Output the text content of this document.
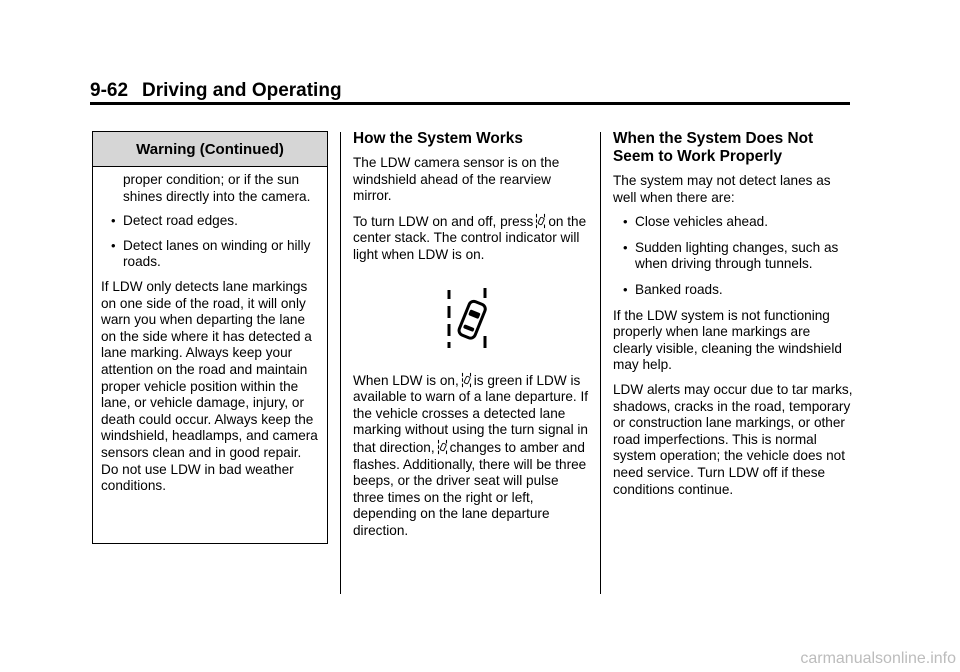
9-62 Driving and Operating
Warning (Continued)
proper condition; or if the sun shines directly into the camera.
• Detect road edges.
• Detect lanes on winding or hilly roads.

If LDW only detects lane markings on one side of the road, it will only warn you when departing the lane on the side where it has detected a lane marking. Always keep your attention on the road and maintain proper vehicle position within the lane, or vehicle damage, injury, or death could occur. Always keep the windshield, headlamps, and camera sensors clean and in good repair. Do not use LDW in bad weather conditions.

How the System Works

The LDW camera sensor is on the windshield ahead of the rearview mirror.

To turn LDW on and off, press on the center stack. The control indicator will light when LDW is on.

When LDW is on, is green if LDW is available to warn of a lane departure. If the vehicle crosses a detected lane marking without using the turn signal in that direction, changes to amber and flashes. Additionally, there will be three beeps, or the driver seat will pulse three times on the right or left, depending on the lane departure direction.

When the System Does Not Seem to Work Properly

The system may not detect lanes as well when there are:

• Close vehicles ahead.
• Sudden lighting changes, such as when driving through tunnels.
• Banked roads.

If the LDW system is not functioning properly when lane markings are clearly visible, cleaning the windshield may help.

LDW alerts may occur due to tar marks, shadows, cracks in the road, temporary or construction lane markings, or other road imperfections. This is normal system operation; the vehicle does not need service. Turn LDW off if these conditions continue.

carmanualsonline.info
